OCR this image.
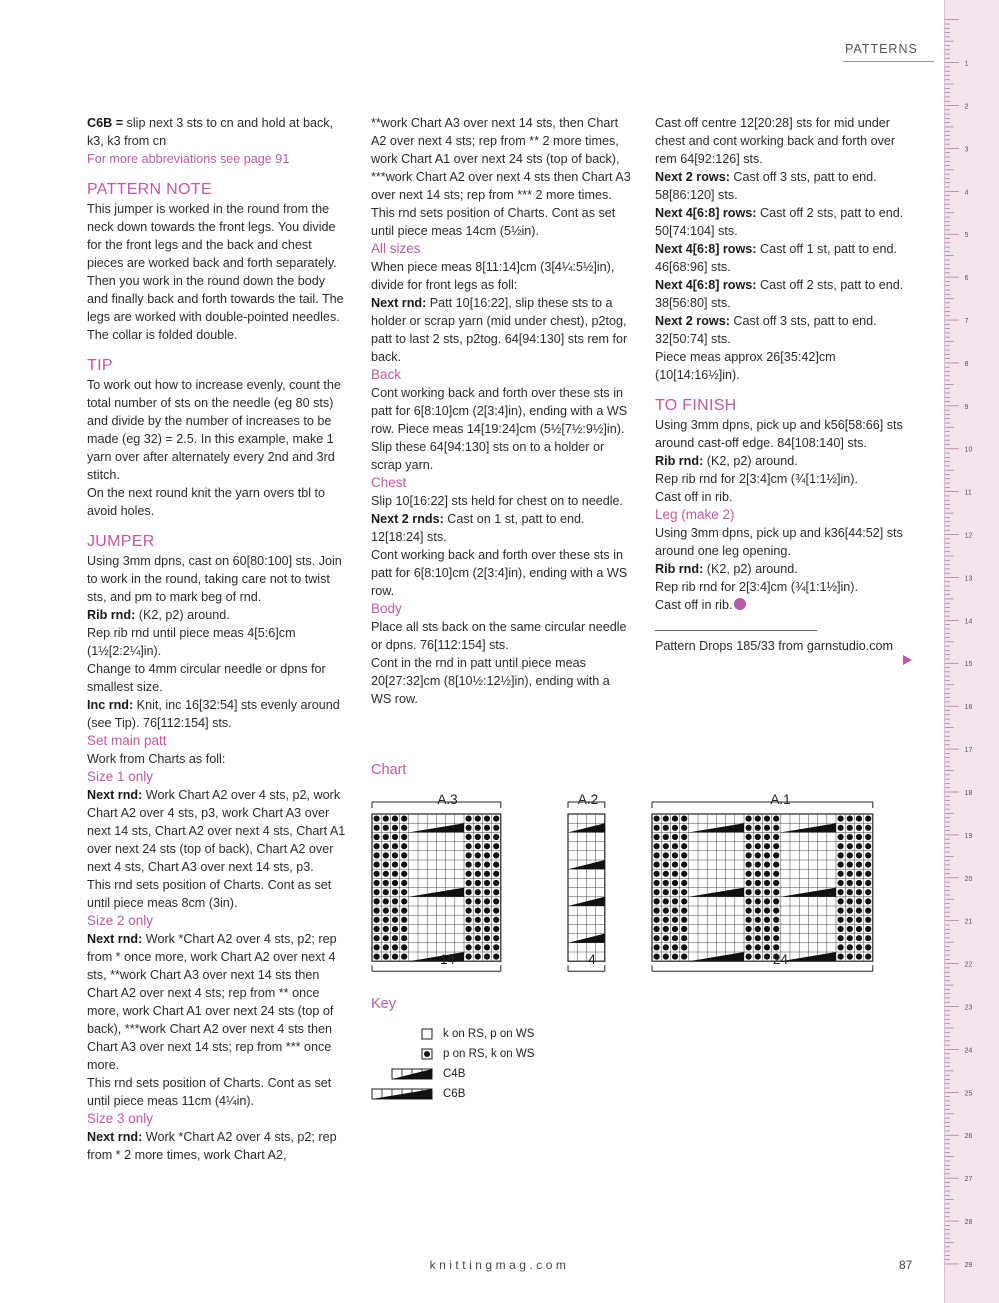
PATTERNS

C6B = slip next 3 sts to cn and hold at back, k3, k3 from cn

For more abbreviations see page 91

PATTERN NOTE

This jumper is worked in the round from the neck down towards the front legs. You divide for the front legs and the back and chest pieces are worked back and forth separately. Then you work in the round down the body and finally back and forth towards the tail. The legs are worked with double-pointed needles. The collar is folded double.

TIP

To work out how to increase evenly, count the total number of sts on the needle (eg 80 sts) and divide by the number of increases to be made (eg 32) = 2.5. In this example, make 1 yarn over after alternately every 2nd and 3rd stitch.

On the next round knit the yarn overs tbl to avoid holes.

JUMPER

Using 3mm dpns, cast on 60[80:100] sts. Join to work in the round, taking care not to twist sts, and pm to mark beg of rnd.

Rib rnd: (K2, p2) around.

Rep rib rnd until piece meas 4[5:6]cm (1½[2:2¼]in).

Change to 4mm circular needle or dpns for smallest size.

Inc rnd: Knit, inc 16[32:54] sts evenly around (see Tip). 76[112:154] sts.

Set main patt

Work from Charts as foll:

Size 1 only

Next rnd: Work Chart A2 over 4 sts, p2, work Chart A2 over 4 sts, p3, work Chart A3 over next 14 sts, Chart A2 over next 4 sts, Chart A1 over next 24 sts (top of back), Chart A2 over next 4 sts, Chart A3 over next 14 sts, p3.

This rnd sets position of Charts. Cont as set until piece meas 8cm (3in).

Size 2 only

Next rnd: Work *Chart A2 over 4 sts, p2; rep from * once more, work Chart A2 over next 4 sts, **work Chart A3 over next 14 sts then Chart A2 over next 4 sts; rep from ** once more, work Chart A1 over next 24 sts (top of back), ***work Chart A2 over next 4 sts then Chart A3 over next 14 sts; rep from *** once more.

This rnd sets position of Charts. Cont as set until piece meas 11cm (4¼in).

Size 3 only

Next rnd: Work *Chart A2 over 4 sts, p2; rep from * 2 more times, work Chart A2,

**work Chart A3 over next 14 sts, then Chart A2 over next 4 sts; rep from ** 2 more times, work Chart A1 over next 24 sts (top of back), ***work Chart A2 over next 4 sts then Chart A3 over next 14 sts; rep from *** 2 more times.

This rnd sets position of Charts. Cont as set until piece meas 14cm (5½in).

All sizes

When piece meas 8[11:14]cm (3[4¼:5½]in), divide for front legs as foll:

Next rnd: Patt 10[16:22], slip these sts to a holder or scrap yarn (mid under chest), p2tog, patt to last 2 sts, p2tog. 64[94:130] sts rem for back.

Back

Cont working back and forth over these sts in patt for 6[8:10]cm (2[3:4]in), ending with a WS row. Piece meas 14[19:24]cm (5½[7½:9½]in). Slip these 64[94:130] sts on to a holder or scrap yarn.

Chest

Slip 10[16:22] sts held for chest on to needle.

Next 2 rnds: Cast on 1 st, patt to end. 12[18:24] sts.

Cont working back and forth over these sts in patt for 6[8:10]cm (2[3:4]in), ending with a WS row.

Body

Place all sts back on the same circular needle or dpns. 76[112:154] sts.

Cont in the rnd in patt until piece meas 20[27:32]cm (8[10½:12½]in), ending with a WS row.

Cast off centre 12[20:28] sts for mid under chest and cont working back and forth over rem 64[92:126] sts.

Next 2 rows: Cast off 3 sts, patt to end. 58[86:120] sts.

Next 4[6:8] rows: Cast off 2 sts, patt to end. 50[74:104] sts.

Next 4[6:8] rows: Cast off 1 st, patt to end. 46[68:96] sts.

Next 4[6:8] rows: Cast off 2 sts, patt to end. 38[56:80] sts.

Next 2 rows: Cast off 3 sts, patt to end. 32[50:74] sts.

Piece meas approx 26[35:42]cm (10[14:16½]in).

TO FINISH

Using 3mm dpns, pick up and k56[58:66] sts around cast-off edge. 84[108:140] sts.

Rib rnd: (K2, p2) around.

Rep rib rnd for 2[3:4]cm (¾[1:1½]in).

Cast off in rib.

Leg (make 2)

Using 3mm dpns, pick up and k36[44:52] sts around one leg opening.

Rib rnd: (K2, p2) around.

Rep rib rnd for 2[3:4]cm (¾[1:1½]in).

Cast off in rib.

Pattern Drops 185/33 from garnstudio.com

Chart
A.3
14
A.2
4
A.1
24
Key
k on RS, p on WS
p on RS, k on WS
C4B
C6B
knittingmag.com	87
1
2
3
4
5
6
7
8
9
10
11
12
13
14
15
16
17
18
19
20
21
22
23
24
25
26
27
28
29
